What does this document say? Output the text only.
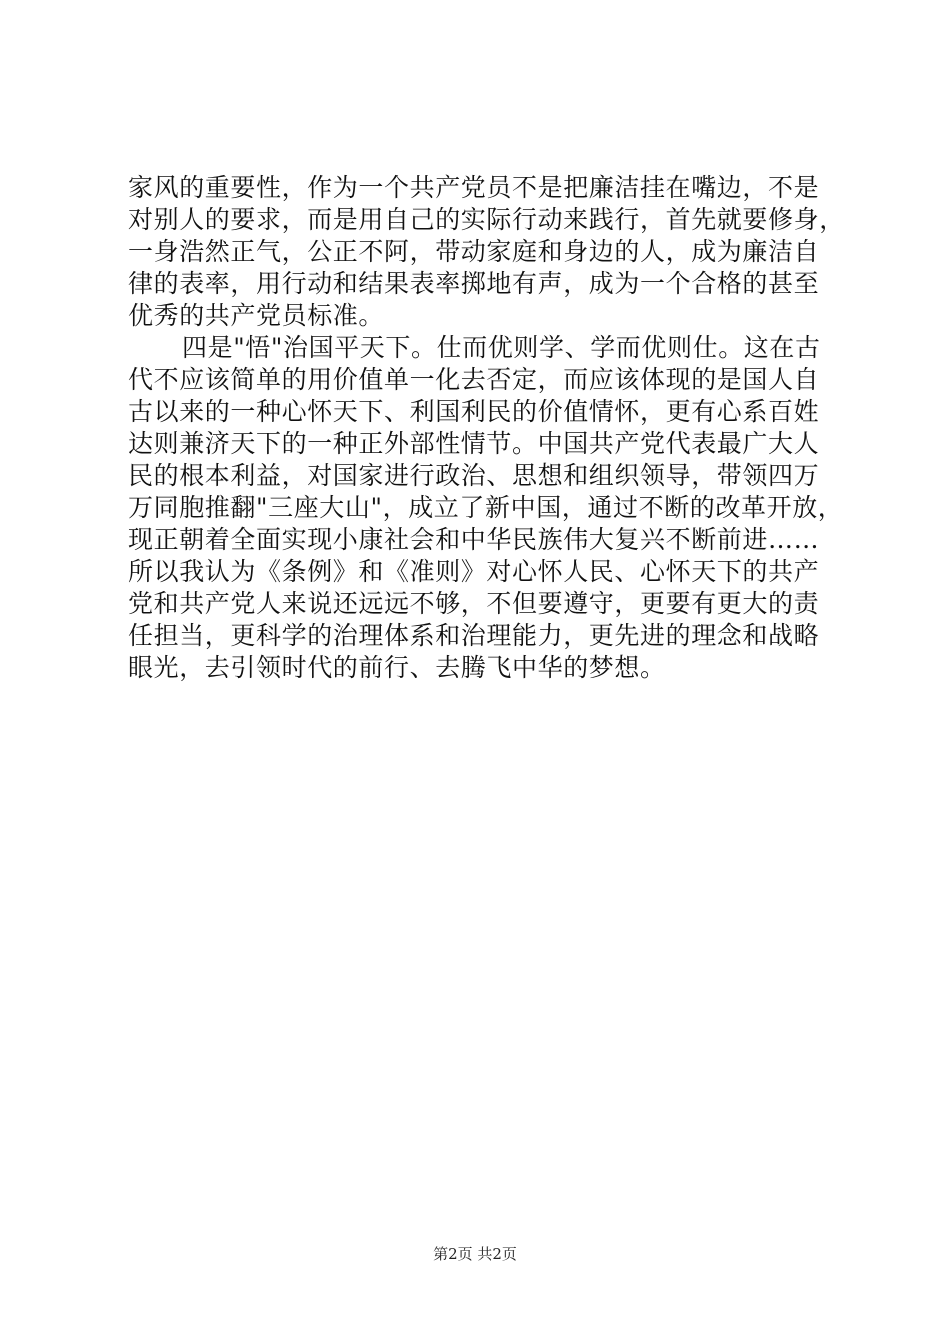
家风的重要性，作为一个共产党员不是把廉洁挂在嘴边，不是
对别人的要求，而是用自己的实际行动来践行，首先就要修身，
一身浩然正气，公正不阿，带动家庭和身边的人，成为廉洁自
律的表率，用行动和结果表率掷地有声，成为一个合格的甚至
优秀的共产党员标准。
四是"悟"治国平天下。仕而优则学、学而优则仕。这在古
代不应该简单的用价值单一化去否定，而应该体现的是国人自
古以来的一种心怀天下、利国利民的价值情怀，更有心系百姓
达则兼济天下的一种正外部性情节。中国共产党代表最广大人
民的根本利益，对国家进行政治、思想和组织领导，带领四万
万同胞推翻"三座大山"，成立了新中国，通过不断的改革开放，
现正朝着全面实现小康社会和中华民族伟大复兴不断前进……
所以我认为《条例》和《准则》对心怀人民、心怀天下的共产
党和共产党人来说还远远不够，不但要遵守，更要有更大的责
任担当，更科学的治理体系和治理能力，更先进的理念和战略
眼光，去引领时代的前行、去腾飞中华的梦想。
第2页 共2页
